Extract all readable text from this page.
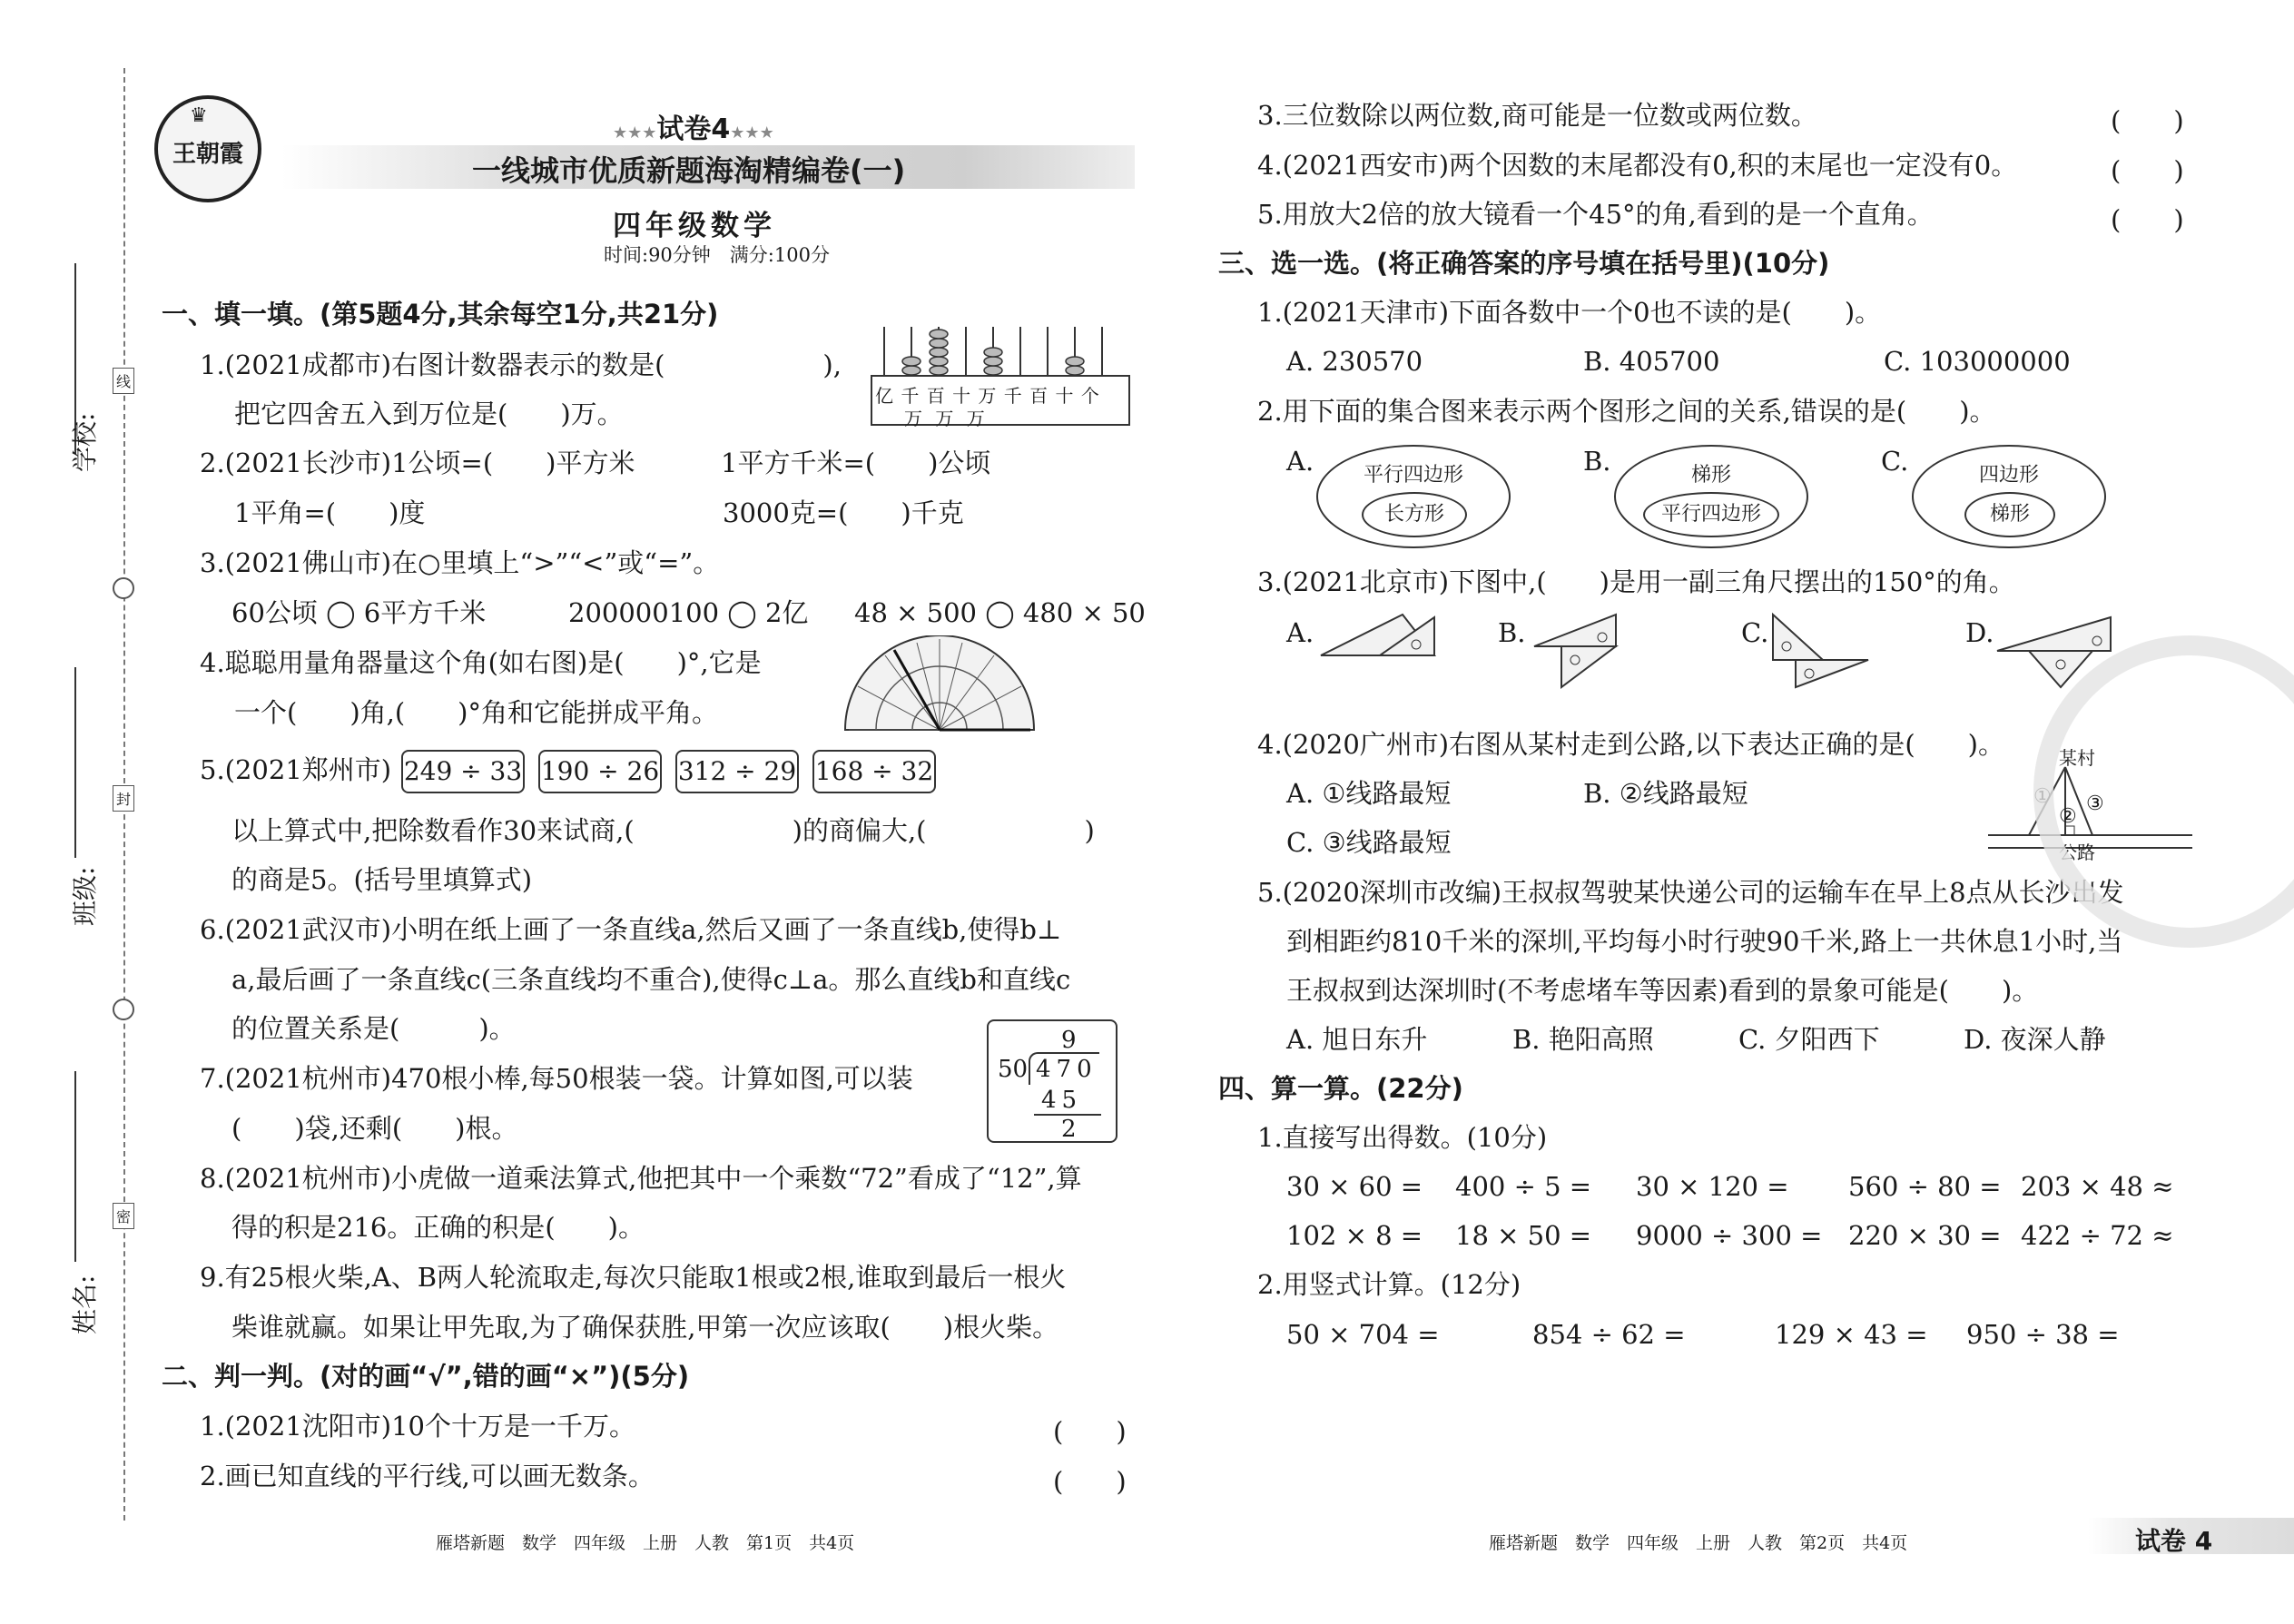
学校:
班级:
姓名:
线
封
密
♛
王朝霞
★★★试卷4★★★
一线城市优质新题海淘精编卷(一)
四年级数学
时间:90分钟　满分:100分
一、填一填。(第5题4分,其余每空1分,共21分)
1.(2021成都市)右图计数器表示的数是(　　　　　　),
把它四舍五入到万位是(　　)万。
亿 千 百 十 万 千 百 十 个
万 万 万
2.(2021长沙市)1公顷=(　　)平方米	1平方千米=(　　)公顷
1平角=(　　)度	3000克=(　　)千克
3.(2021佛山市)在○里填上“>”“<”或“=”。
60公顷 ◯ 6平方千米	200000100 ◯ 2亿 48 × 500 ◯ 480 × 50
4.聪聪用量角器量这个角(如右图)是(　　)°,它是
一个(　　)角,(　　)°角和它能拼成平角。
5.(2021郑州市) 249 ÷ 33 190 ÷ 26 312 ÷ 29 168 ÷ 32
以上算式中,把除数看作30来试商,(　　　　　　)的商偏大,(　　　　　　)
的商是5。(括号里填算式)
6.(2021武汉市)小明在纸上画了一条直线a,然后又画了一条直线b,使得b⊥
a,最后画了一条直线c(三条直线均不重合),使得c⊥a。那么直线b和直线c
的位置关系是(　　　)。
7.(2021杭州市)470根小棒,每50根装一袋。计算如图,可以装
(　　)袋,还剩(　　)根。
9
50 470
45
2
8.(2021杭州市)小虎做一道乘法算式,他把其中一个乘数“72”看成了“12”,算
得的积是216。正确的积是(　　)。
9.有25根火柴,A、B两人轮流取走,每次只能取1根或2根,谁取到最后一根火
柴谁就赢。如果让甲先取,为了确保获胜,甲第一次应该取(　　)根火柴。
二、判一判。(对的画“√”,错的画“×”)(5分)
1.(2021沈阳市)10个十万是一千万。	(　　)
2.画已知直线的平行线,可以画无数条。	(　　)
雁塔新题　数学　四年级　上册　人教　第1页　共4页
3.三位数除以两位数,商可能是一位数或两位数。	(　　)
4.(2021西安市)两个因数的末尾都没有0,积的末尾也一定没有0。	(　　)
5.用放大2倍的放大镜看一个45°的角,看到的是一个直角。	(　　)
三、选一选。(将正确答案的序号填在括号里)(10分)
1.(2021天津市)下面各数中一个0也不读的是(　　)。
A. 230570	B. 405700	C. 103000000
2.用下面的集合图来表示两个图形之间的关系,错误的是(　　)。
A.	平行四边形
长方形
B.	梯形
平行四边形
C.	四边形
梯形
3.(2021北京市)下图中,(　　)是用一副三角尺摆出的150°的角。
A.	B.	C.	D.
4.(2020广州市)右图从某村走到公路,以下表达正确的是(　　)。
A. ①线路最短	B. ②线路最短
C. ③线路最短
某村
①
②
③
公路
5.(2020深圳市改编)王叔叔驾驶某快递公司的运输车在早上8点从长沙出发
到相距约810千米的深圳,平均每小时行驶90千米,路上一共休息1小时,当
王叔叔到达深圳时(不考虑堵车等因素)看到的景象可能是(　　)。
A. 旭日东升	B. 艳阳高照	C. 夕阳西下	D. 夜深人静
四、算一算。(22分)
1.直接写出得数。(10分)
30 × 60 = 400 ÷ 5 = 30 × 120 = 560 ÷ 80 = 203 × 48 ≈
102 × 8 = 18 × 50 = 9000 ÷ 300 = 220 × 30 = 422 ÷ 72 ≈
2.用竖式计算。(12分)
50 × 704 =	854 ÷ 62 =	129 × 43 = 950 ÷ 38 =
雁塔新题　数学　四年级　上册　人教　第2页　共4页	试卷 4
